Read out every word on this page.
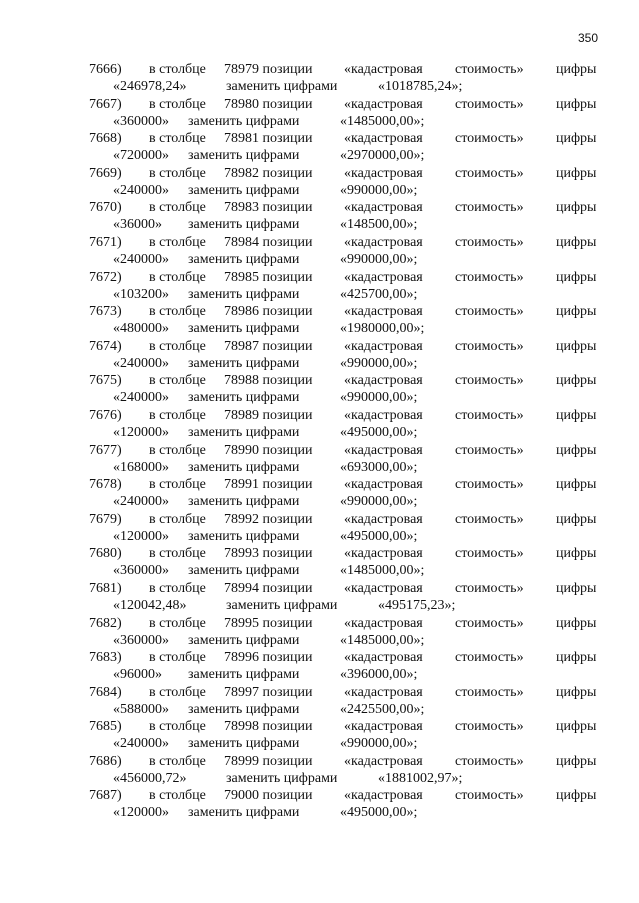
350
7666) в столбце 78979 позиции «кадастровая стоимость» цифры
«246978,24»	заменить цифрами	«1018785,24»;
7667) в столбце 78980 позиции «кадастровая стоимость» цифры
«360000» заменить цифрами	«1485000,00»;
7668) в столбце 78981 позиции «кадастровая стоимость» цифры
«720000» заменить цифрами	«2970000,00»;
7669) в столбце 78982 позиции «кадастровая стоимость» цифры
«240000» заменить цифрами	«990000,00»;
7670) в столбце 78983 позиции «кадастровая стоимость» цифры
«36000» заменить цифрами	«148500,00»;
7671) в столбце 78984 позиции «кадастровая стоимость» цифры
«240000» заменить цифрами	«990000,00»;
7672) в столбце 78985 позиции «кадастровая стоимость» цифры
«103200» заменить цифрами	«425700,00»;
7673) в столбце 78986 позиции «кадастровая стоимость» цифры
«480000» заменить цифрами	«1980000,00»;
7674) в столбце 78987 позиции «кадастровая стоимость» цифры
«240000» заменить цифрами	«990000,00»;
7675) в столбце 78988 позиции «кадастровая стоимость» цифры
«240000» заменить цифрами	«990000,00»;
7676) в столбце 78989 позиции «кадастровая стоимость» цифры
«120000» заменить цифрами	«495000,00»;
7677) в столбце 78990 позиции «кадастровая стоимость» цифры
«168000» заменить цифрами	«693000,00»;
7678) в столбце 78991 позиции «кадастровая стоимость» цифры
«240000» заменить цифрами	«990000,00»;
7679) в столбце 78992 позиции «кадастровая стоимость» цифры
«120000» заменить цифрами	«495000,00»;
7680) в столбце 78993 позиции «кадастровая стоимость» цифры
«360000» заменить цифрами	«1485000,00»;
7681) в столбце 78994 позиции «кадастровая стоимость» цифры
«120042,48»	заменить цифрами	«495175,23»;
7682) в столбце 78995 позиции «кадастровая стоимость» цифры
«360000» заменить цифрами	«1485000,00»;
7683) в столбце 78996 позиции «кадастровая стоимость» цифры
«96000» заменить цифрами	«396000,00»;
7684) в столбце 78997 позиции «кадастровая стоимость» цифры
«588000» заменить цифрами	«2425500,00»;
7685) в столбце 78998 позиции «кадастровая стоимость» цифры
«240000» заменить цифрами	«990000,00»;
7686) в столбце 78999 позиции «кадастровая стоимость» цифры
«456000,72»	заменить цифрами	«1881002,97»;
7687) в столбце 79000 позиции «кадастровая стоимость» цифры
«120000» заменить цифрами	«495000,00»;
